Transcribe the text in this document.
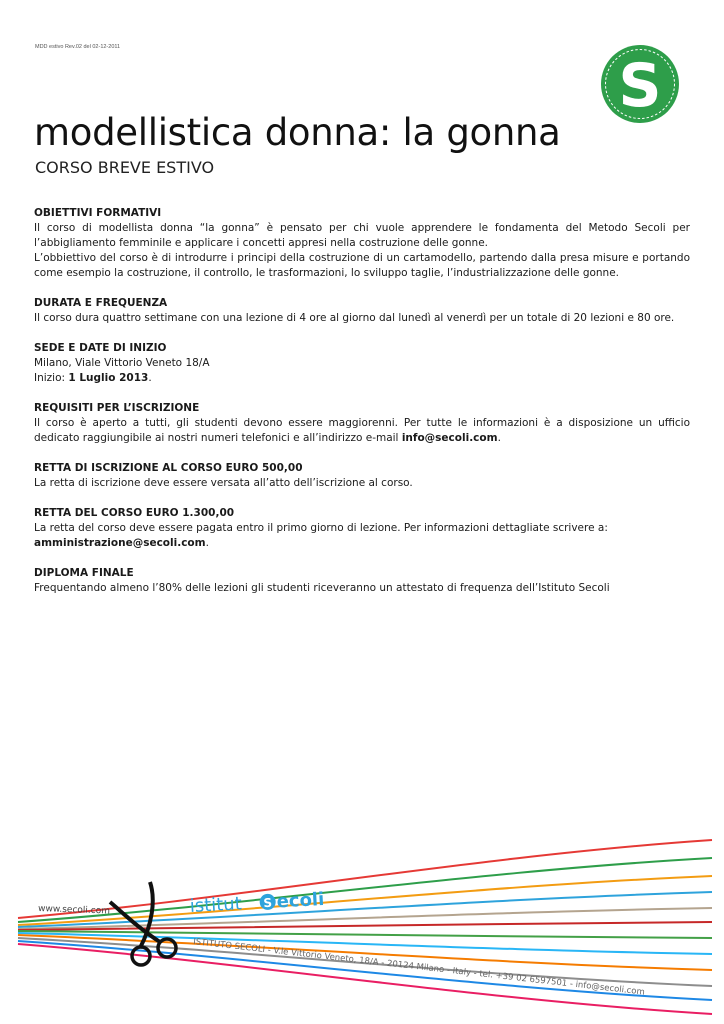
MDD estivo Rev.02 del 02-12-2011
S
modellistica donna: la gonna
CORSO BREVE ESTIVO

OBIETTIVI FORMATIVI

Il corso di modellista donna “la gonna” è pensato per chi vuole apprendere le fondamenta del Metodo Secoli per l’abbigliamento femminile e applicare i concetti appresi nella costruzione delle gonne.

L’obbiettivo del corso è di introdurre i principi della costruzione di un cartamodello, partendo dalla presa misure e portando come esempio la costruzione, il controllo, le trasformazioni, lo sviluppo taglie, l’industrializzazione delle gonne.

DURATA E FREQUENZA

Il corso dura quattro settimane con una lezione di 4 ore al giorno dal lunedì al venerdì per un totale di 20 lezioni e 80 ore.

SEDE E DATE DI INIZIO

Milano, Viale Vittorio Veneto 18/A

Inizio: 1 Luglio 2013.

REQUISITI PER L’ISCRIZIONE

Il corso è aperto a tutti, gli studenti devono essere maggiorenni. Per tutte le informazioni è a disposizione un ufficio dedicato raggiungibile ai nostri numeri telefonici e all’indirizzo e-mail info@secoli.com.

RETTA DI ISCRIZIONE AL CORSO EURO 500,00

La retta di iscrizione deve essere versata all’atto dell’iscrizione al corso.

RETTA DEL CORSO EURO 1.300,00

La retta del corso deve essere pagata entro il primo giorno di lezione. Per informazioni dettagliate scrivere a:

amministrazione@secoli.com.

DIPLOMA FINALE

Frequentando almeno l’80% delle lezioni gli studenti riceveranno un attestato di frequenza dell’Istituto Secoli

www.secoli.com	istitut S ecoli
ISTITUTO SECOLI - V.le Vittorio Veneto, 18/A - 20124 Milano - Italy - tel. +39 02 6597501 - info@secoli.com
